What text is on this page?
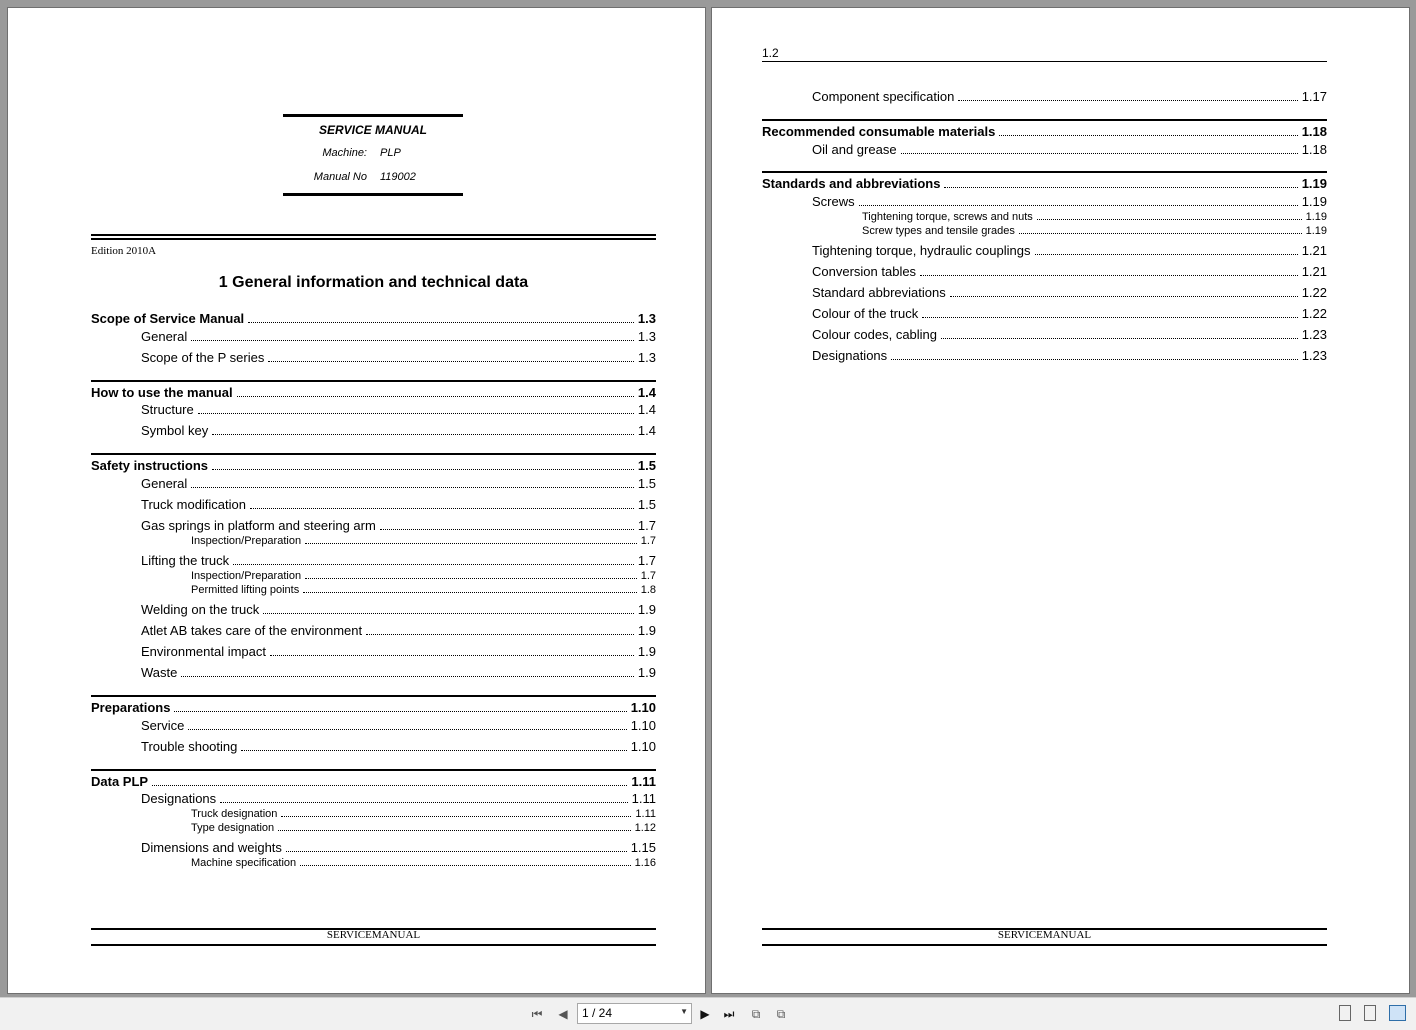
SERVICE MANUAL
Machine: PLP
Manual No 119002
Edition 2010A
1 General information and technical data
Scope of Service Manual	1.3
General	1.3
Scope of the P series	1.3
How to use the manual	1.4
Structure	1.4
Symbol key	1.4
Safety instructions	1.5
General	1.5
Truck modification	1.5
Gas springs in platform and steering arm	1.7
Inspection/Preparation	1.7
Lifting the truck	1.7
Inspection/Preparation	1.7
Permitted lifting points	1.8
Welding on the truck	1.9
Atlet AB takes care of the environment	1.9
Environmental impact	1.9
Waste	1.9
Preparations	1.10
Service	1.10
Trouble shooting	1.10
Data PLP	1.11
Designations	1.11
Truck designation	1.11
Type designation	1.12
Dimensions and weights	1.15
Machine specification	1.16
SERVICEMANUAL
1.2
Component specification	1.17
Recommended consumable materials	1.18
Oil and grease	1.18
Standards and abbreviations	1.19
Screws	1.19
Tightening torque, screws and nuts	1.19
Screw types and tensile grades	1.19
Tightening torque, hydraulic couplings	1.21
Conversion tables	1.21
Standard abbreviations	1.22
Colour of the truck	1.22
Colour codes, cabling	1.23
Designations	1.23
SERVICEMANUAL
⏮ ◀ 1 / 24	▼ ▶ ⏭	⧉	⧉
